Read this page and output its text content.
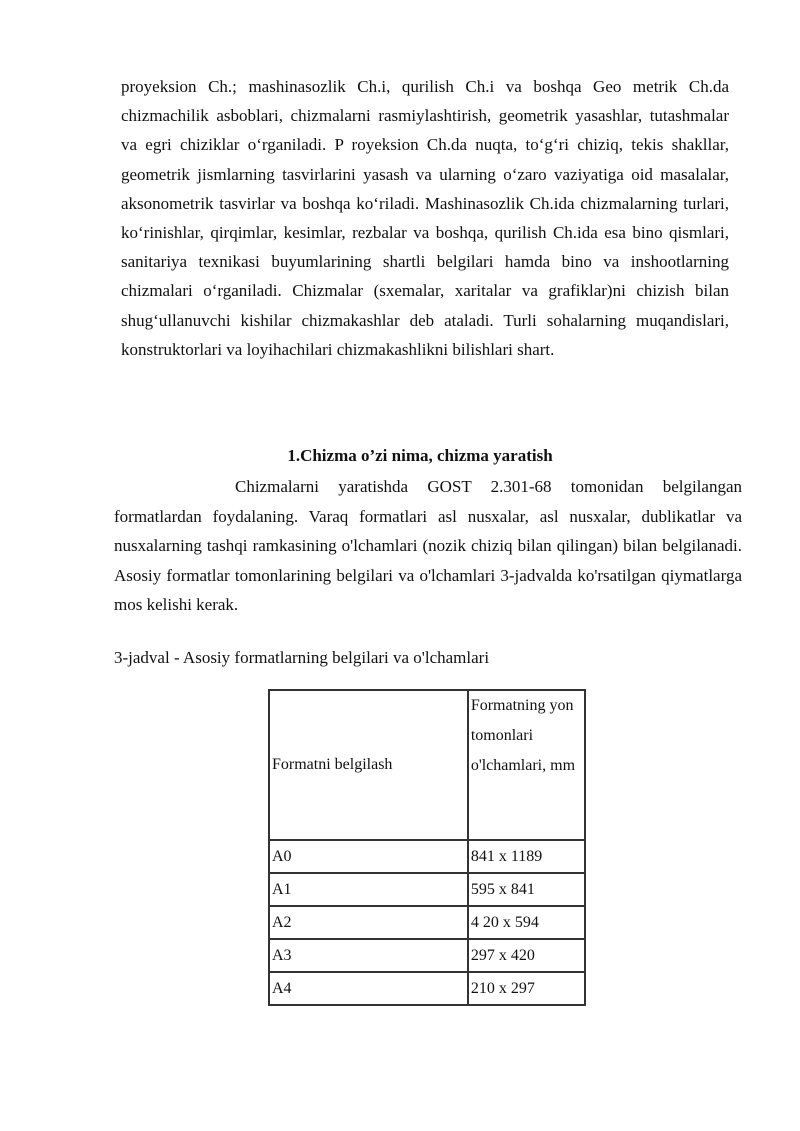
proyeksion Ch.; mashinasozlik Ch.i, qurilish Ch.i va boshqa Geo metrik Ch.da chizmachilik asboblari, chizmalarni rasmiylashtirish, geometrik yasashlar, tutashmalar va egri chiziklar o‘rganiladi. P royeksion Ch.da nuqta, to‘g‘ri chiziq, tekis shakllar, geometrik jismlarning tasvirlarini yasash va ularning o‘zaro vaziyatiga oid masalalar, aksonometrik tasvirlar va boshqa ko‘riladi. Mashinasozlik Ch.ida chizmalarning turlari, ko‘rinishlar, qirqimlar, kesimlar, rezbalar va boshqa, qurilish Ch.ida esa bino qismlari, sanitariya texnikasi buyumlarining shartli belgilari hamda bino va inshootlarning chizmalari o‘rganiladi. Chizmalar (sxemalar, xaritalar va grafiklar)ni chizish bilan shug‘ullanuvchi kishilar chizmakashlar deb ataladi. Turli sohalarning muqandislari, konstruktorlari va loyihachilari chizmakashlikni bilishlari shart.

1.Chizma o’zi nima, chizma yaratish

Chizmalarni yaratishda GOST 2.301-68 tomonidan belgilangan formatlardan foydalaning. Varaq formatlari asl nusxalar, asl nusxalar, dublikatlar va nusxalarning tashqi ramkasining o'lchamlari (nozik chiziq bilan qilingan) bilan belgilanadi. Asosiy formatlar tomonlarining belgilari va o'lchamlari 3-jadvalda ko'rsatilgan qiymatlarga mos kelishi kerak.

3-jadval - Asosiy formatlarning belgilari va o'lchamlari

Formatni belgilash	Formatning yon tomonlari o'lchamlari, mm
A0	841 x 1189
A1	595 x 841
A2	4 20 x 594
A3	297 x 420
A4	210 x 297
